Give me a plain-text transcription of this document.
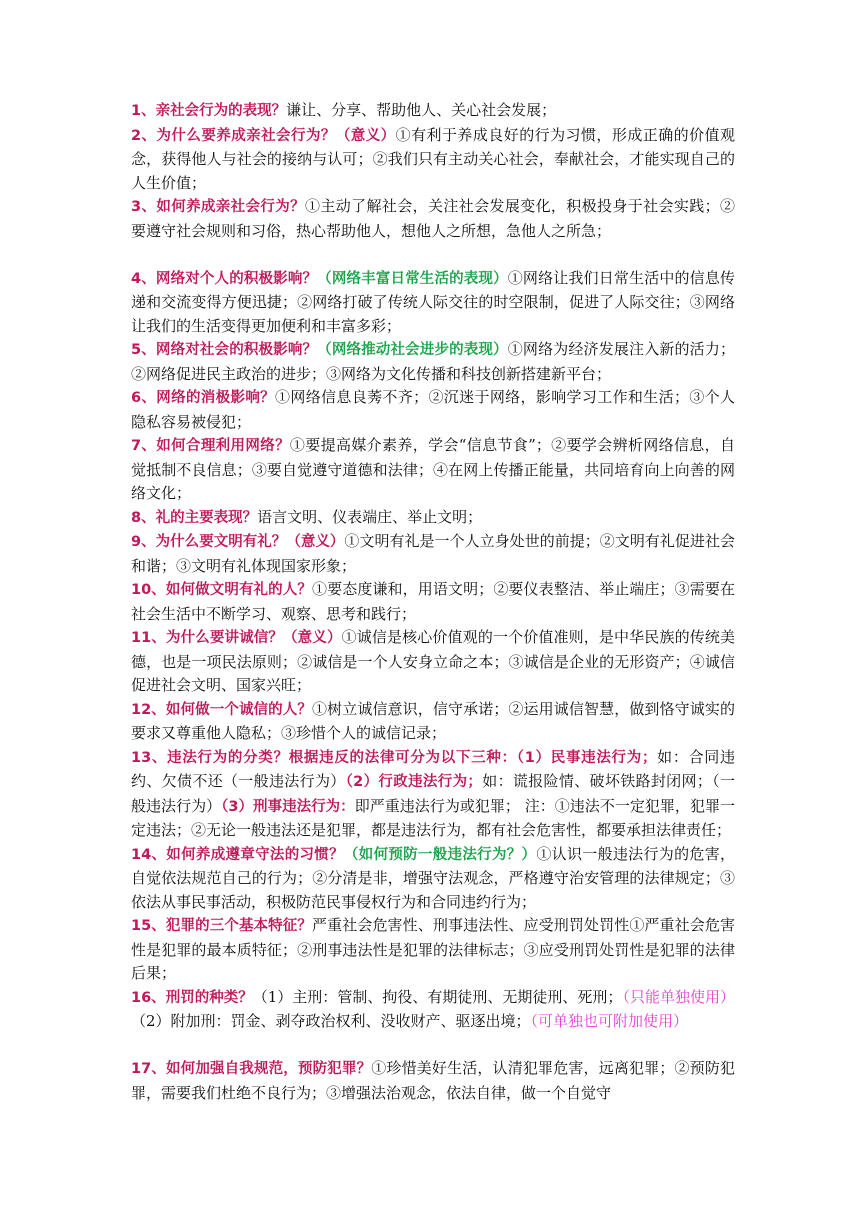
1、亲社会行为的表现？谦让、分享、帮助他人、关心社会发展；

2、为什么要养成亲社会行为？（意义）①有利于养成良好的行为习惯，形成正确的价值观念，获得他人与社会的接纳与认可；②我们只有主动关心社会，奉献社会，才能实现自己的人生价值；

3、如何养成亲社会行为？①主动了解社会，关注社会发展变化，积极投身于社会实践；②要遵守社会规则和习俗，热心帮助他人，想他人之所想，急他人之所急；

4、网络对个人的积极影响？（网络丰富日常生活的表现）①网络让我们日常生活中的信息传递和交流变得方便迅捷；②网络打破了传统人际交往的时空限制，促进了人际交往；③网络让我们的生活变得更加便利和丰富多彩；

5、网络对社会的积极影响？（网络推动社会进步的表现）①网络为经济发展注入新的活力；②网络促进民主政治的进步；③网络为文化传播和科技创新搭建新平台；

6、网络的消极影响？①网络信息良莠不齐；②沉迷于网络，影响学习工作和生活；③个人隐私容易被侵犯；

7、如何合理利用网络？①要提高媒介素养，学会“信息节食”；②要学会辨析网络信息，自觉抵制不良信息；③要自觉遵守道德和法律；④在网上传播正能量，共同培育向上向善的网络文化；

8、礼的主要表现？语言文明、仪表端庄、举止文明；

9、为什么要文明有礼？（意义）①文明有礼是一个人立身处世的前提；②文明有礼促进社会和谐；③文明有礼体现国家形象；

10、如何做文明有礼的人？①要态度谦和，用语文明；②要仪表整洁、举止端庄；③需要在社会生活中不断学习、观察、思考和践行；

11、为什么要讲诚信？（意义）①诚信是核心价值观的一个价值准则，是中华民族的传统美德，也是一项民法原则；②诚信是一个人安身立命之本；③诚信是企业的无形资产；④诚信促进社会文明、国家兴旺；

12、如何做一个诚信的人？①树立诚信意识，信守承诺；②运用诚信智慧，做到恪守诚实的要求又尊重他人隐私；③珍惜个人的诚信记录；

13、违法行为的分类？根据违反的法律可分为以下三种：（1）民事违法行为；如：合同违约、欠债不还（一般违法行为）（2）行政违法行为；如：谎报险情、破坏铁路封闭网；（一般违法行为）（3）刑事违法行为：即严重违法行为或犯罪； 注：①违法不一定犯罪，犯罪一定违法；②无论一般违法还是犯罪，都是违法行为，都有社会危害性，都要承担法律责任；

14、如何养成遵章守法的习惯？（如何预防一般违法行为？）①认识一般违法行为的危害，自觉依法规范自己的行为；②分清是非，增强守法观念，严格遵守治安管理的法律规定；③依法从事民事活动，积极防范民事侵权行为和合同违约行为；

15、犯罪的三个基本特征？严重社会危害性、刑事违法性、应受刑罚处罚性①严重社会危害性是犯罪的最本质特征；②刑事违法性是犯罪的法律标志；③应受刑罚处罚性是犯罪的法律后果；

16、刑罚的种类？（1）主刑：管制、拘役、有期徒刑、无期徒刑、死刑；（只能单独使用）（2）附加刑：罚金、剥夺政治权利、没收财产、驱逐出境；（可单独也可附加使用）

17、如何加强自我规范，预防犯罪？①珍惜美好生活，认清犯罪危害，远离犯罪；②预防犯罪，需要我们杜绝不良行为；③增强法治观念，依法自律，做一个自觉守
